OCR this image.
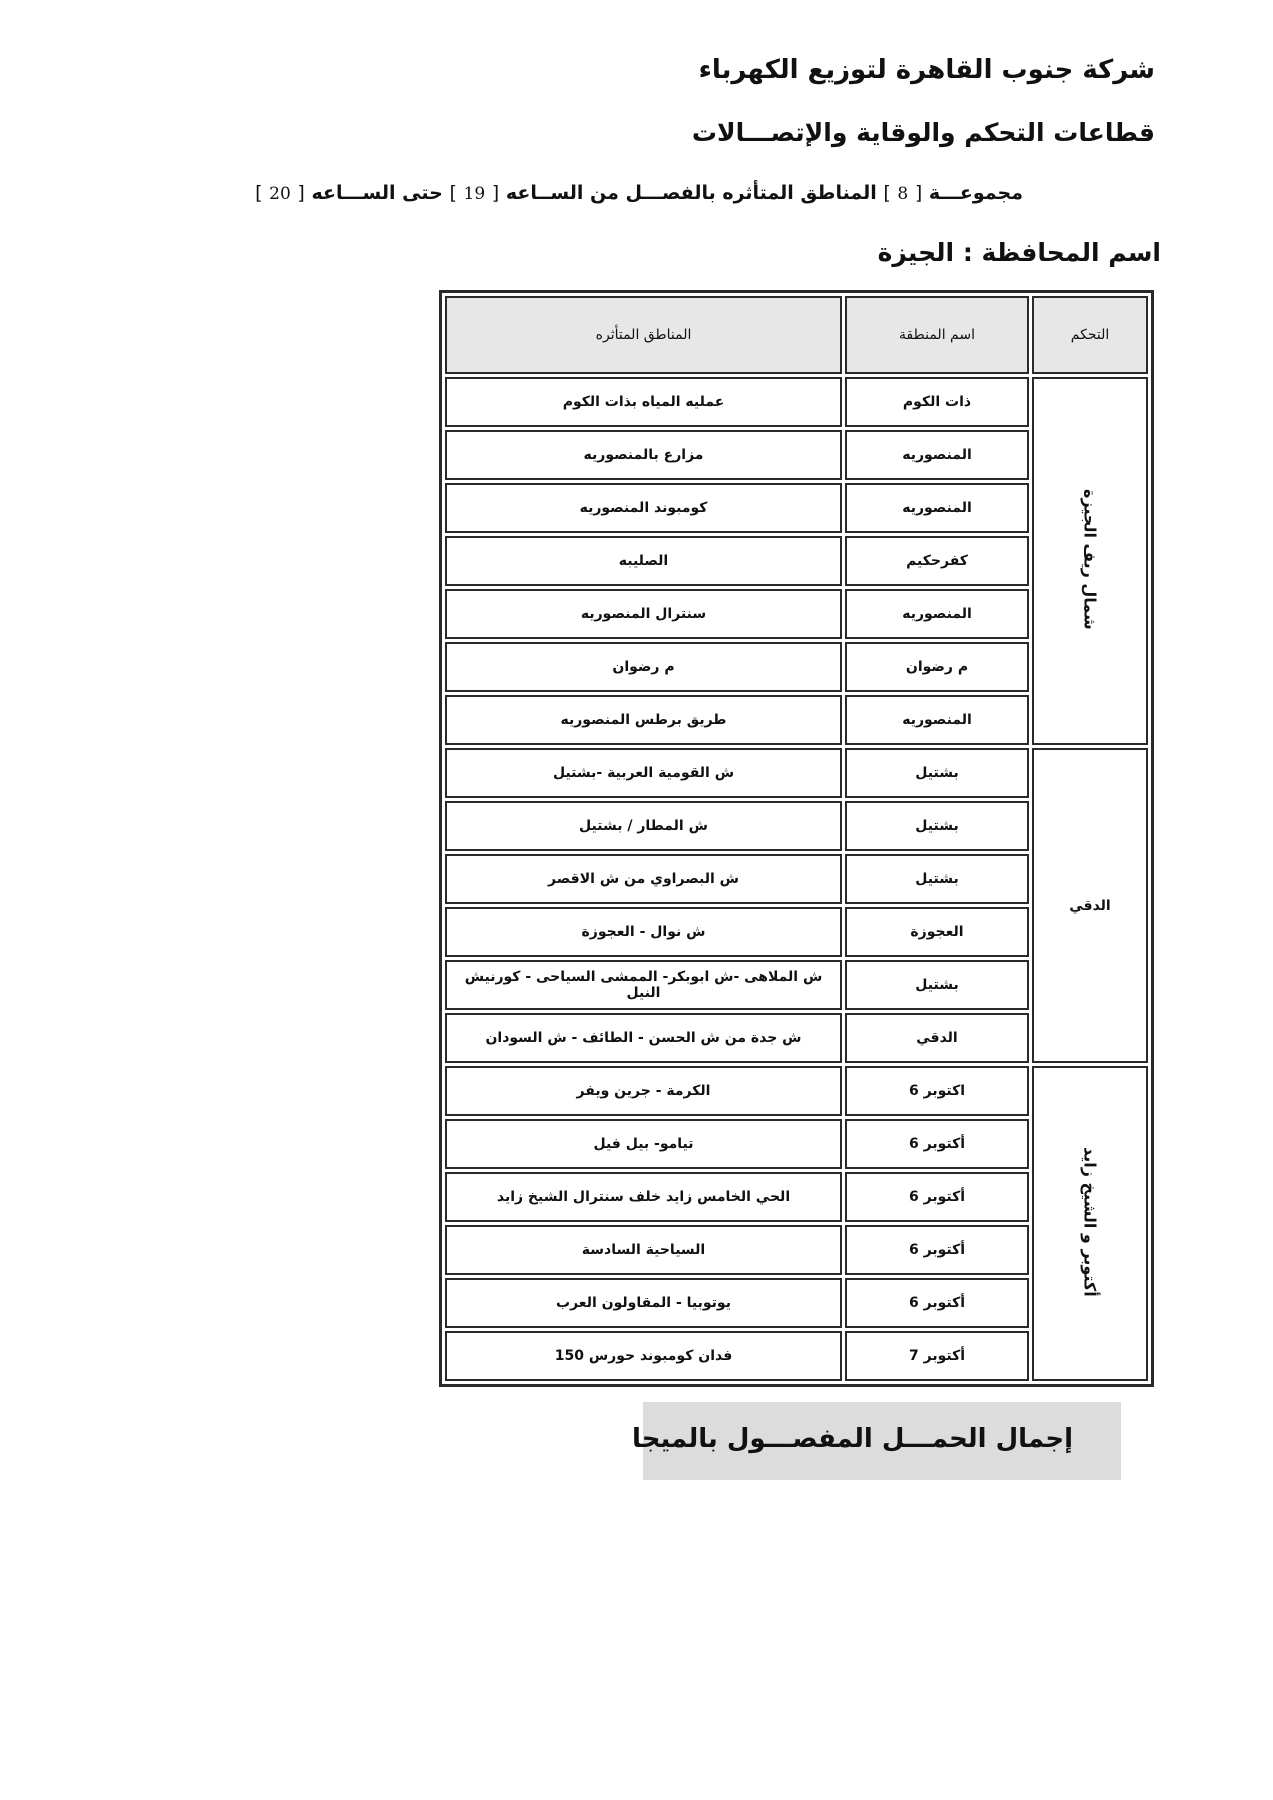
شركة جنوب القاهرة لتوزيع الكهرباء
قطاعات التحكم والوقاية والإتصـــالات
مجموعـــة [ 8 ] المناطق المتأثره بالفصـــل من الســاعه [ 19 ] حتى الســـاعه [ 20 ]
اسم المحافظة : الجيزة
التحكم	اسم المنطقة	المناطق المتأثره
شمال ريف الجيزة	ذات الكوم	عمليه المياه بذات الكوم
	المنصوريه	مزارع بالمنصوريه
	المنصوريه	كومبوند المنصوريه
	كفرحكيم	الصليبه
	المنصوريه	سنترال المنصوريه
	م رضوان	م رضوان
	المنصوريه	طريق برطس المنصوريه
الدقي	بشتيل	ش القومية العربية -بشتيل
	بشتيل	ش المطار / بشتيل
	بشتيل	ش البصراوي من ش الاقصر
	العجوزة	ش نوال - العجوزة
	بشتيل	ش الملاهى -ش ابوبكر- الممشى السياحى - كورنيش النيل
	الدقي	ش جدة من ش الحسن - الطائف - ش السودان
أكتوبر و الشيخ زايد	اكتوبر 6	الكرمة - جرين ويفر
	أكتوبر 6	تيامو- بيل فيل
	أكتوبر 6	الحي الخامس زايد خلف سنترال الشيخ زايد
	أكتوبر 6	السياحية السادسة
	أكتوبر 6	يوتوبيا - المقاولون العرب
	أكتوبر 7	فدان كومبوند حورس 150
إجمال الحمـــل المفصـــول بالميجا
